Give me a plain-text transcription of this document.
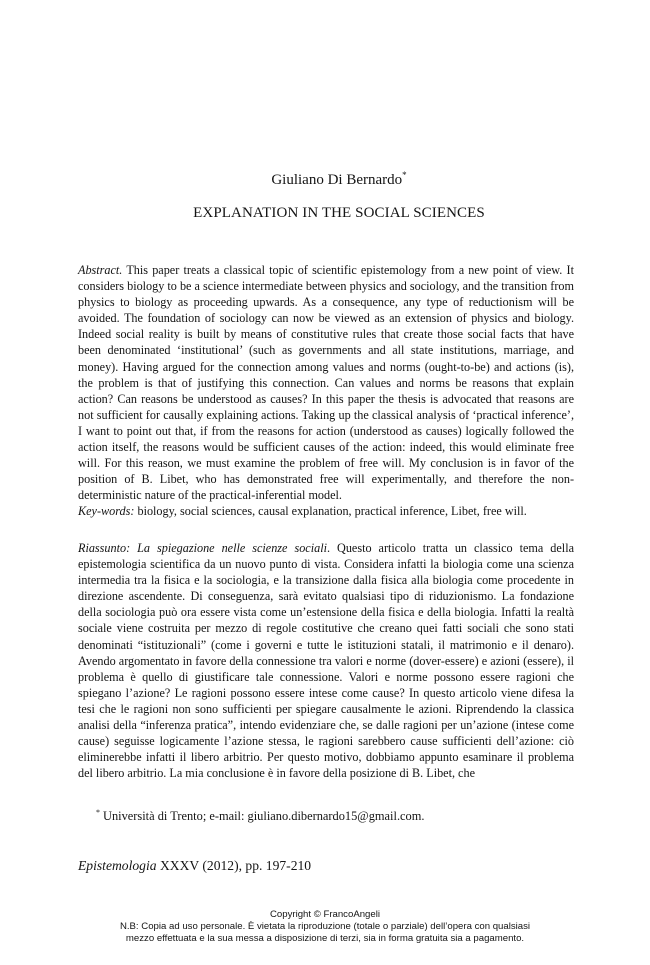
Giuliano Di Bernardo*
EXPLANATION IN THE SOCIAL SCIENCES
Abstract. This paper treats a classical topic of scientific epistemology from a new point of view. It considers biology to be a science intermediate between physics and sociology, and the transition from physics to biology as proceeding upwards. As a consequence, any type of reductionism will be avoided. The foundation of sociology can now be viewed as an extension of physics and biology. Indeed social reality is built by means of constitutive rules that create those social facts that have been denominated ‘institutional’ (such as governments and all state institutions, marriage, and money). Having argued for the connection among values and norms (ought-to-be) and actions (is), the problem is that of justifying this connection. Can values and norms be reasons that explain action? Can reasons be understood as causes? In this paper the thesis is advocated that reasons are not sufficient for causally explaining actions. Taking up the classical analysis of ‘practical inference’, I want to point out that, if from the reasons for action (understood as causes) logically followed the action itself, the reasons would be sufficient causes of the action: indeed, this would eliminate free will. For this reason, we must examine the problem of free will. My conclusion is in favor of the position of B. Libet, who has demonstrated free will experimentally, and therefore the non-deterministic nature of the practical-inferential model.
Key-words: biology, social sciences, causal explanation, practical inference, Libet, free will.
Riassunto: La spiegazione nelle scienze sociali. Questo articolo tratta un classico tema della epistemologia scientifica da un nuovo punto di vista. Considera infatti la biologia come una scienza intermedia tra la fisica e la sociologia, e la transizione dalla fisica alla biologia come procedente in direzione ascendente. Di conseguenza, sarà evitato qualsiasi tipo di riduzionismo. La fondazione della sociologia può ora essere vista come un’estensione della fisica e della biologia. Infatti la realtà sociale viene costruita per mezzo di regole costitutive che creano quei fatti sociali che sono stati denominati “istituzionali” (come i governi e tutte le istituzioni statali, il matrimonio e il denaro). Avendo argomentato in favore della connessione tra valori e norme (dover-essere) e azioni (essere), il problema è quello di giustificare tale connessione. Valori e norme possono essere ragioni che spiegano l’azione? Le ragioni possono essere intese come cause? In questo articolo viene difesa la tesi che le ragioni non sono sufficienti per spiegare causalmente le azioni. Riprendendo la classica analisi della “inferenza pratica”, intendo evidenziare che, se dalle ragioni per un’azione (intese come cause) seguisse logicamente l’azione stessa, le ragioni sarebbero cause sufficienti dell’azione: ciò eliminerebbe infatti il libero arbitrio. Per questo motivo, dobbiamo appunto esaminare il problema del libero arbitrio. La mia conclusione è in favore della posizione di B. Libet, che
* Università di Trento; e-mail: giuliano.dibernardo15@gmail.com.
Epistemologia XXXV (2012), pp. 197-210
Copyright © FrancoAngeli
N.B: Copia ad uso personale. È vietata la riproduzione (totale o parziale) dell’opera con qualsiasi
mezzo effettuata e la sua messa a disposizione di terzi, sia in forma gratuita sia a pagamento.
